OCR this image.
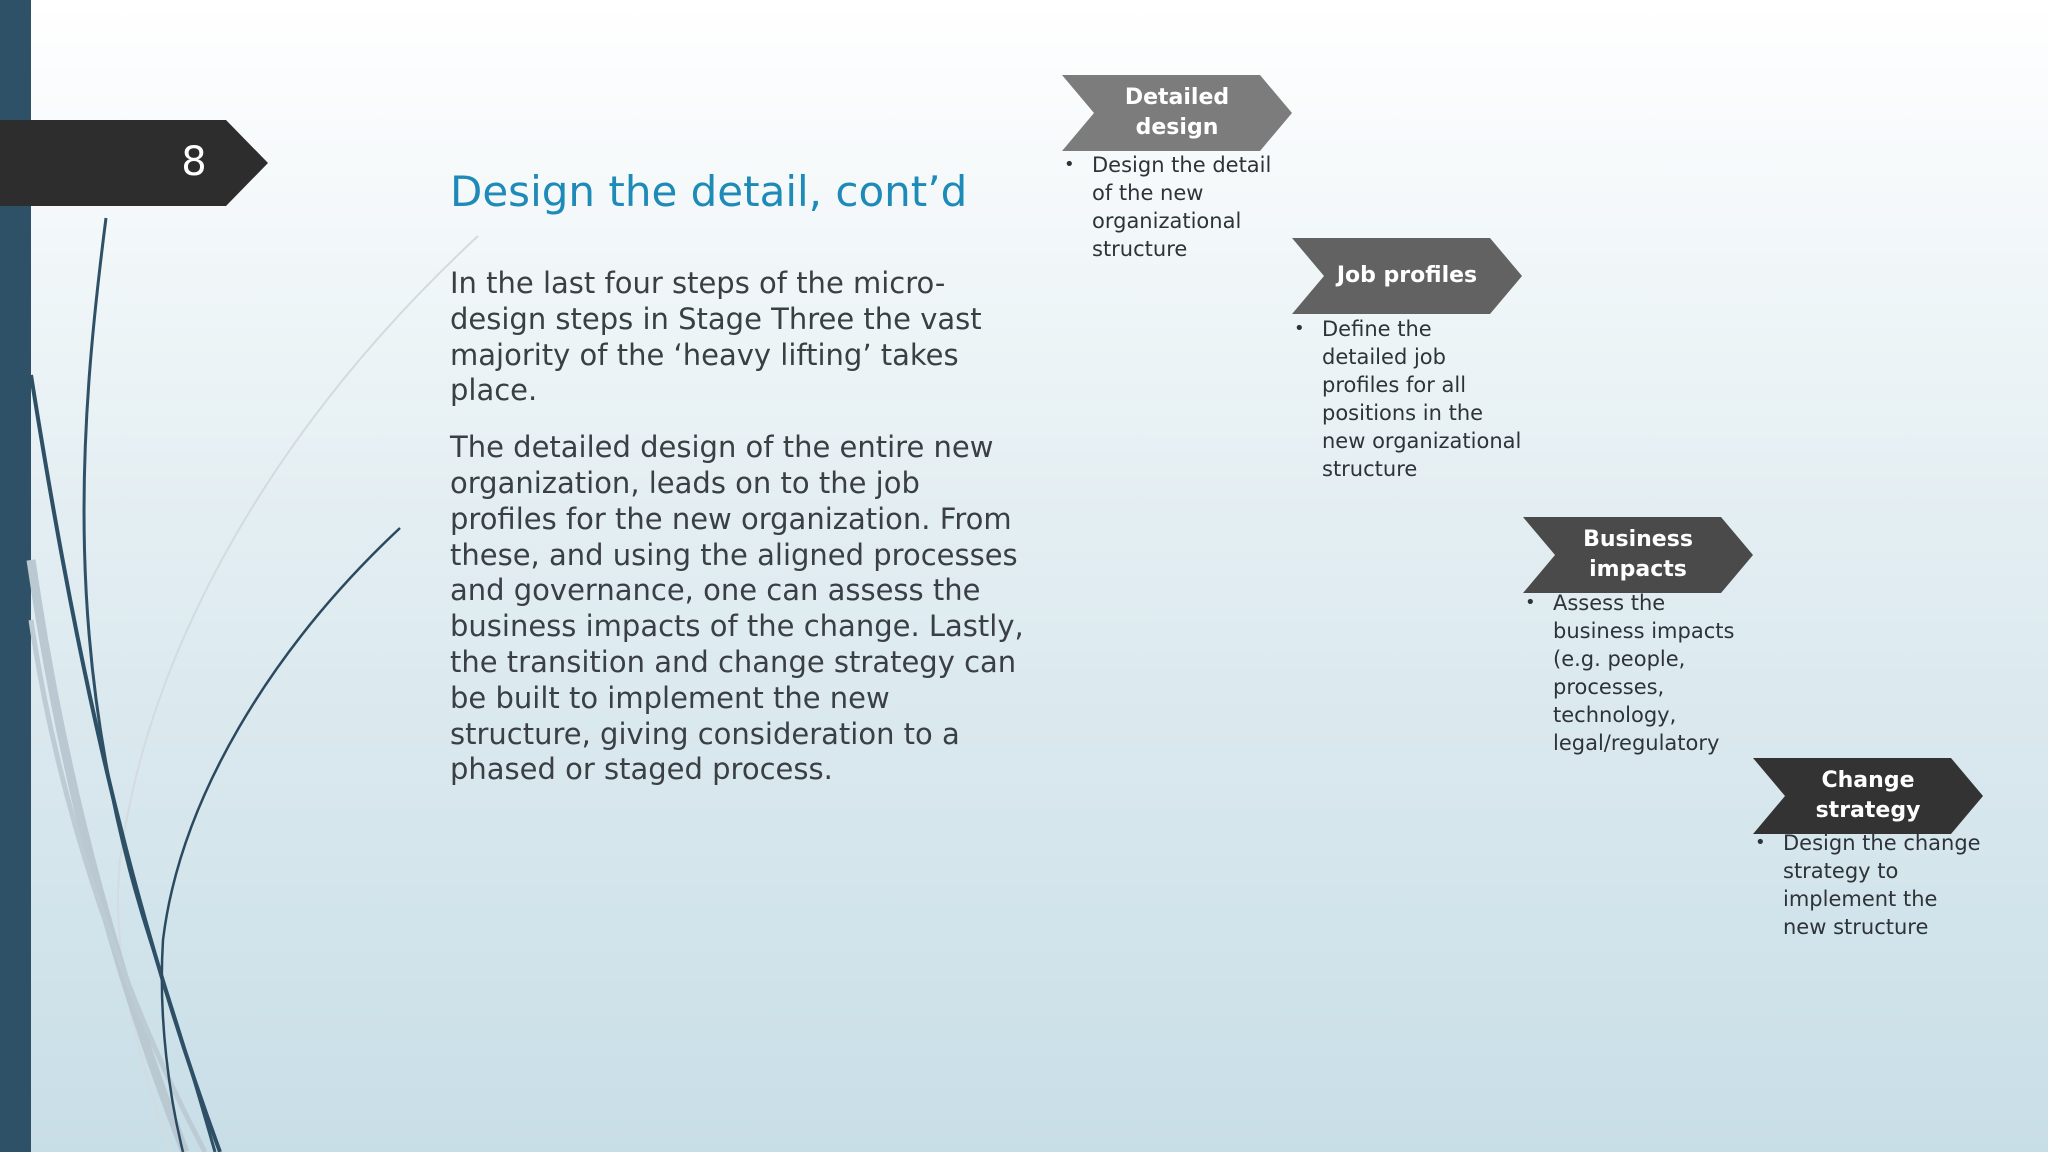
8
Design the detail, cont’d

In the last four steps of the micro-design steps in Stage Three the vast majority of the ‘heavy lifting’ takes place.

The detailed design of the entire new organization, leads on to the job profiles for the new organization. From these, and using the aligned processes and governance, one can assess the business impacts of the change. Lastly, the transition and change strategy can be built to implement the new structure, giving consideration to a phased or staged process.

Detailed design
• Design the detail of the new organizational structure
Job profiles
• Define the detailed job profiles for all positions in the new organizational structure
Business impacts
• Assess the business impacts (e.g. people, processes, technology, legal/regulatory
Change strategy
• Design the change strategy to implement the new structure
